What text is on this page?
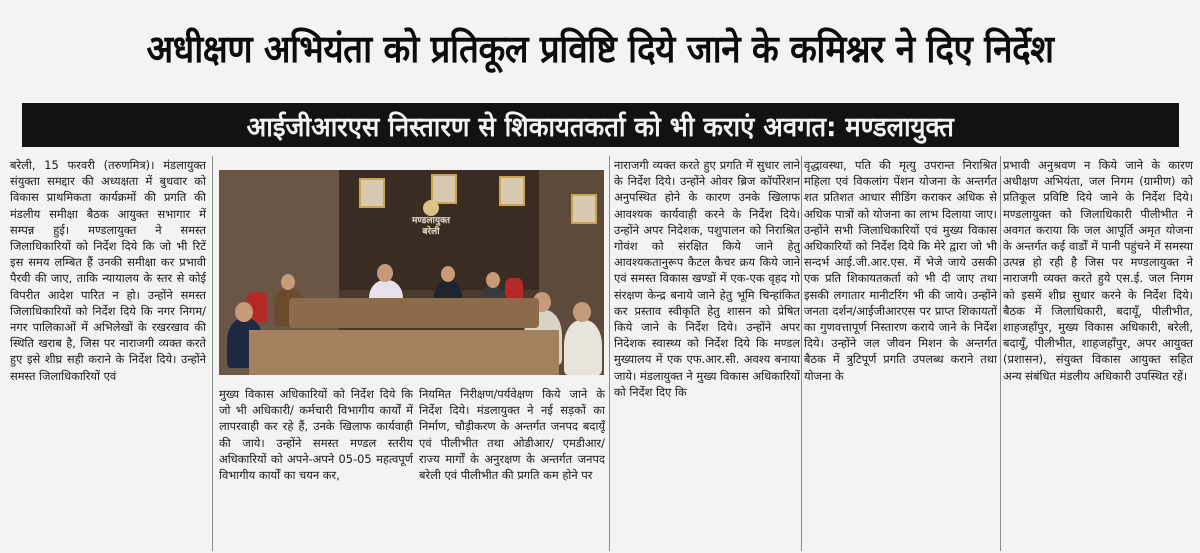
अधीक्षण अभियंता को प्रतिकूल प्रविष्टि दिये जाने के कमिश्नर ने दिए निर्देश
आईजीआरएस निस्तारण से शिकायतकर्ता को भी कराएं अवगत: मण्डलायुक्त

बरेली, 15 फरवरी (तरुणमित्र)। मंडलायुक्त संयुक्ता समद्दार की अध्यक्षता में बुधवार को विकास प्राथमिकता कार्यक्रमों की प्रगति की मंडलीय समीक्षा बैठक आयुक्त सभागार में सम्पन्न हुई। मण्डलायुक्त ने समस्त जिलाधिकारियों को निर्देश दिये कि जो भी रिटें इस समय लम्बित हैं उनकी समीक्षा कर प्रभावी पैरवी की जाए, ताकि न्यायालय के स्तर से कोई विपरीत आदेश पारित न हो। उन्होंने समस्त जिलाधिकारियों को निर्देश दिये कि नगर निगम/नगर पालिकाओं में अभिलेखों के रखरखाव की स्थिति खराब है, जिस पर नाराजगी व्यक्त करते हुए इसे शीघ्र सही कराने के निर्देश दिये। उन्होंने समस्त जिलाधिकारियों एवं

मण्डलायुक्त
बरेली

मुख्य विकास अधिकारियों को निर्देश दिये कि जो भी अधिकारी/ कर्मचारी विभागीय कार्यों में लापरवाही कर रहे हैं, उनके खिलाफ कार्यवाही की जाये। उन्होंने समस्त मण्डल स्तरीय अधिकारियों को अपने-अपने 05-05 महत्वपूर्ण विभागीय कार्यों का चयन कर,

नियमित निरीक्षण/पर्यवेक्षण किये जाने के निर्देश दिये। मंडलायुक्त ने नई सड़कों का निर्माण, चौड़ीकरण के अन्तर्गत जनपद बदायूँ एवं पीलीभीत तथा ओडीआर/ एमडीआर/ राज्य मार्गों के अनुरक्षण के अन्तर्गत जनपद बरेली एवं पीलीभीत की प्रगति कम होने पर

नाराजगी व्यक्त करते हुए प्रगति में सुधार लाने के निर्देश दिये। उन्होंने ओवर ब्रिज कॉर्पोरेशन अनुपस्थित होने के कारण उनके खिलाफ आवश्यक कार्यवाही करने के निर्देश दिये। उन्होंने अपर निदेशक, पशुपालन को निराश्रित गोवंश को संरक्षित किये जाने हेतु आवश्यकतानुरूप कैटल कैचर क्रय किये जाने एवं समस्त विकास खण्डों में एक-एक वृहद गो संरक्षण केन्द्र बनाये जाने हेतु भूमि चिन्हांकित कर प्रस्ताव स्वीकृति हेतु शासन को प्रेषित किये जाने के निर्देश दिये। उन्होंने अपर निदेशक स्वास्थ्य को निर्देश दिये कि मण्डल मुख्यालय में एक एफ.आर.सी. अवश्य बनाया जाये। मंडलायुक्त ने मुख्य विकास अधिकारियों को निर्देश दिए कि

वृद्धावस्था, पति की मृत्यु उपरान्त निराश्रित महिला एवं विकलांग पेंशन योजना के अन्तर्गत शत प्रतिशत आधार सीडिंग कराकर अधिक से अधिक पात्रों को योजना का लाभ दिलाया जाए। उन्होंने सभी जिलाधिकारियों एवं मुख्य विकास अधिकारियों को निर्देश दिये कि मेरे द्वारा जो भी सन्दर्भ आई.जी.आर.एस. में भेजे जाये उसकी एक प्रति शिकायतकर्ता को भी दी जाए तथा इसकी लगातार मानीटरिंग भी की जाये। उन्होंने जनता दर्शन/आईजीआरएस पर प्राप्त शिकायतों का गुणवत्तापूर्ण निस्तारण कराये जाने के निर्देश दिये। उन्होंने जल जीवन मिशन के अन्तर्गत बैठक में त्रुटिपूर्ण प्रगति उपलब्ध कराने तथा योजना के

प्रभावी अनुश्रवण न किये जाने के कारण अधीक्षण अभियंता, जल निगम (ग्रामीण) को प्रतिकूल प्रविष्टि दिये जाने के निर्देश दिये। मण्डलायुक्त को जिलाधिकारी पीलीभीत ने अवगत कराया कि जल आपूर्ति अमृत योजना के अन्तर्गत कई वार्डों में पानी पहुंचने में समस्या उत्पन्न हो रही है जिस पर मण्डलायुक्त ने नाराजगी व्यक्त करते हुये एस.ई. जल निगम को इसमें शीघ्र सुधार करने के निर्देश दिये। बैठक में जिलाधिकारी, बदायूँ, पीलीभीत, शाहजहाँपुर, मुख्य विकास अधिकारी, बरेली, बदायूँ, पीलीभीत, शाहजहाँपुर, अपर आयुक्त (प्रशासन), संयुक्त विकास आयुक्त सहित अन्य संबंधित मंडलीय अधिकारी उपस्थित रहें।
